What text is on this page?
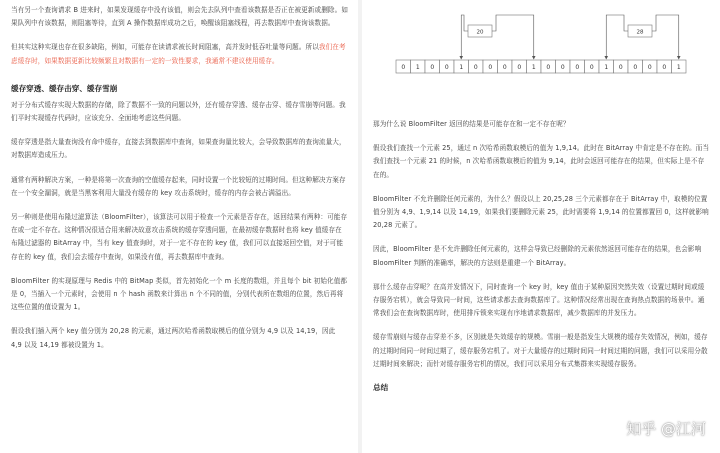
当有另一个查询请求 B 进来时，如果发现缓存中没有该值，则会先去队列中查看该数据是否正在被更新或删除。如果队列中有该数据，则阻塞等待，直到 A 操作数据库成功之后，唤醒该阻塞线程，再去数据库中查询该数据。

但其实这种实现也存在很多缺陷，例如，可能存在读请求被长时间阻塞，高并发时低吞吐量等问题。所以我们在考虑缓存时，如果数据更新比较频繁且对数据有一定的一致性要求，我通常不建议使用缓存。

缓存穿透、缓存击穿、缓存雪崩

对于分布式缓存实现大数据的存储，除了数据不一致的问题以外，还有缓存穿透、缓存击穿、缓存雪崩等问题。我们平时实现缓存代码时，应该充分、全面地考虑这些问题。

缓存穿透是指大量查询没有命中缓存，直接去到数据库中查询，如果查询量比较大，会导致数据库的查询流量大，对数据库造成压力。

通常有两种解决方案，一种是将第一次查询的空值缓存起来，同时设置一个比较短的过期时间。但这种解决方案存在一个安全漏洞，就是当黑客利用大量没有缓存的 key 攻击系统时，缓存的内存会被占满溢出。

另一种则是使用布隆过滤算法（BloomFilter），该算法可以用于检查一个元素是否存在，返回结果有两种：可能存在或一定不存在。这种情况很适合用来解决故意攻击系统的缓存穿透问题，在最初缓存数据时也将 key 值缓存在布隆过滤器的 BitArray 中，当有 key 值查询时，对于一定不存在的 key 值，我们可以直接返回空值，对于可能存在的 key 值，我们会去缓存中查询，如果没有值，再去数据库中查询。

BloomFilter 的实现原理与 Redis 中的 BitMap 类似，首先初始化一个 m 长度的数组，并且每个 bit 初始化值都是 0，当插入一个元素时，会使用 n 个 hash 函数来计算出 n 个不同的值，分别代表所在数组的位置，然后再将这些位置的值设置为 1。

假设我们插入两个 key 值分别为 20,28 的元素，通过两次哈希函数取模后的值分别为 4,9 以及 14,19，因此 4,9 以及 14,19 都被设置为 1。

0 1 0 0 1 0 0 0 0 1 0 0 0 0 1 0 0 0 0 1
20	28

那为什么说 BloomFilter 返回的结果是可能存在和一定不存在呢？

假设我们查找一个元素 25，通过 n 次哈希函数取模后的值为 1,9,14。此时在 BitArray 中肯定是不存在的。而当我们查找一个元素 21 的时候，n 次哈希函数取模后的值为 9,14，此时会返回可能存在的结果，但实际上是不存在的。

BloomFilter 不允许删除任何元素的，为什么？假设以上 20,25,28 三个元素都存在于 BitArray 中，取模的位置值分别为 4,9、1,9,14 以及 14,19，如果我们要删除元素 25，此时需要将 1,9,14 的位置都置回 0，这样就影响 20,28 元素了。

因此，BloomFilter 是不允许删除任何元素的，这样会导致已经删除的元素依然返回可能存在的结果，也会影响 BloomFilter 判断的准确率，解决的方法则是重建一个 BitArray。

那什么缓存击穿呢？在高并发情况下，同时查询一个 key 时，key 值由于某种原因突然失效（设置过期时间或缓存服务宕机），就会导致同一时间，这些请求都去查询数据库了。这种情况经常出现在查询热点数据的场景中。通常我们会在查询数据库时，使用排斥锁来实现有序地请求数据库，减少数据库的并发压力。

缓存雪崩则与缓存击穿差不多，区别就是失效缓存的规模。雪崩一般是指发生大规模的缓存失效情况，例如，缓存的过期时间同一时间过期了，缓存服务宕机了。对于大量缓存的过期时间同一时间过期的问题，我们可以采用分散过期时间来解决；而针对缓存服务宕机的情况，我们可以采用分布式集群来实现缓存服务。

总结
知乎 @江河
